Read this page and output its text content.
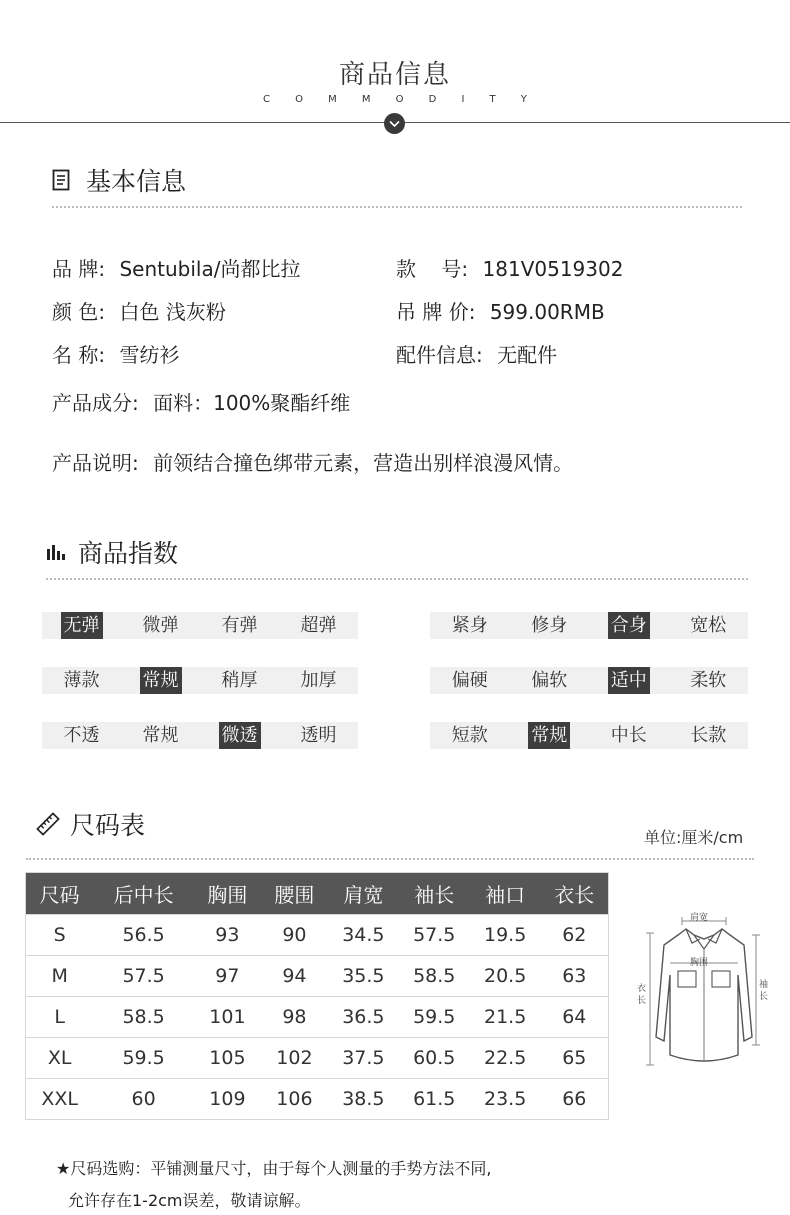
商品信息
C	O	M	M	O	D	I	T	Y
基本信息
品 牌: Sentubila/尚都比拉	款    号: 181V0519302
颜 色: 白色 浅灰粉	吊 牌 价: 599.00RMB
名 称: 雪纺衫	配件信息: 无配件
产品成分: 面料：100%聚酯纤维
产品说明: 前领结合撞色绑带元素，营造出别样浪漫风情。
商品指数
无弹 微弹 有弹 超弹	紧身 修身 合身 宽松
薄款 常规 稍厚 加厚	偏硬 偏软 适中 柔软
不透 常规 微透 透明	短款 常规 中长 长款
尺码表	单位:厘米/cm
尺码	后中长	胸围	腰围	肩宽	袖长	袖口	衣长
S	56.5	93	90	34.5	57.5	19.5	62
M	57.5	97	94	35.5	58.5	20.5	63
L	58.5	101	98	36.5	59.5	21.5	64
XL	59.5	105	102	37.5	60.5	22.5	65
XXL	60	109	106	38.5	61.5	23.5	66
肩宽
胸围
衣
长
袖
长
★尺码选购：平铺测量尺寸，由于每个人测量的手势方法不同,
允许存在1-2cm误差，敬请谅解。
